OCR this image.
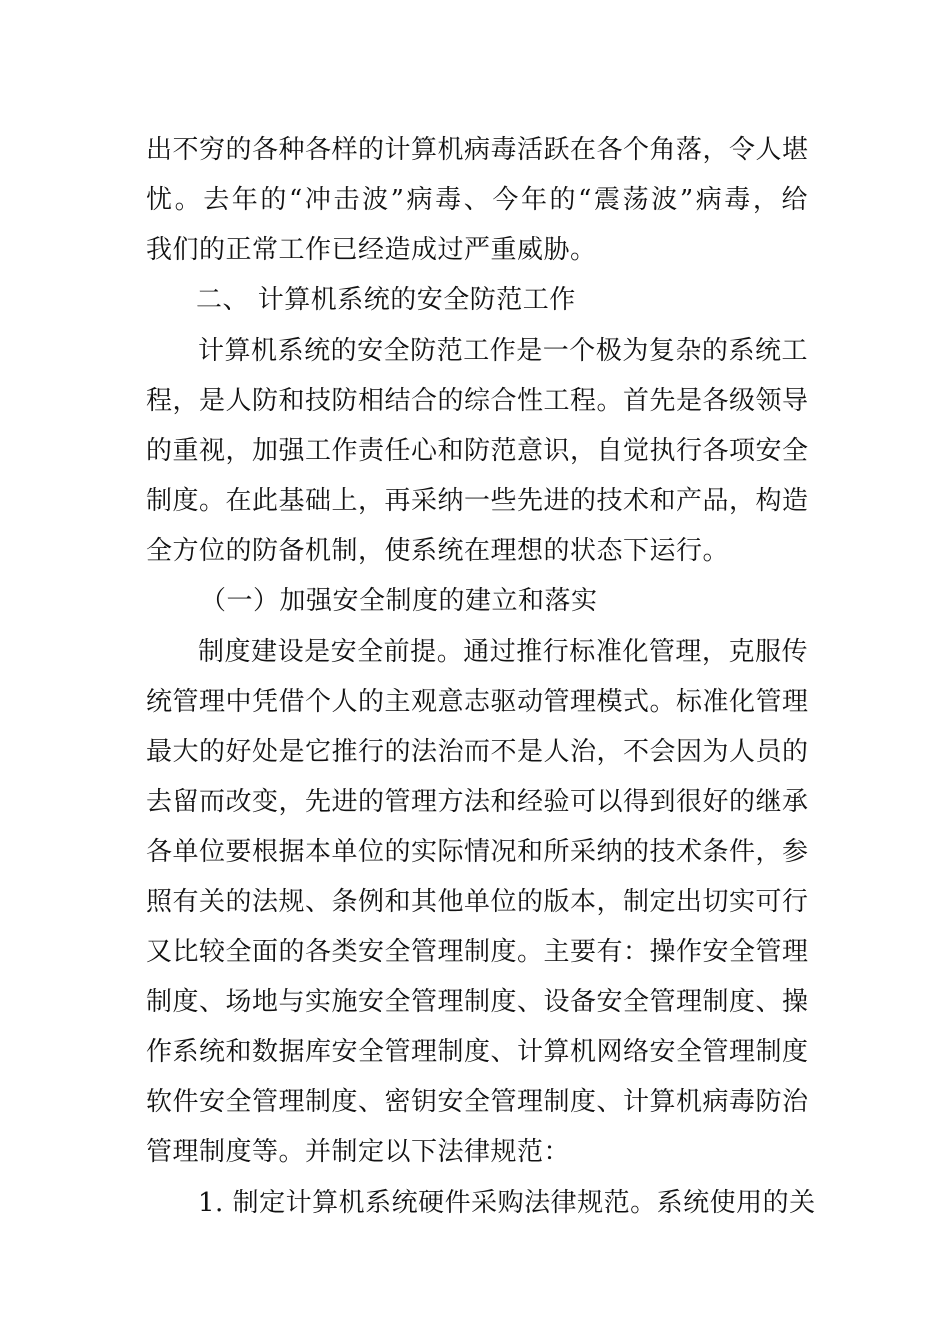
出不穷的各种各样的计算机病毒活跃在各个角落，令人堪
忧。去年的“冲击波”病毒、今年的“震荡波”病毒，给
我们的正常工作已经造成过严重威胁。
二、 计算机系统的安全防范工作
计算机系统的安全防范工作是一个极为复杂的系统工
程，是人防和技防相结合的综合性工程。首先是各级领导
的重视，加强工作责任心和防范意识，自觉执行各项安全
制度。在此基础上，再采纳一些先进的技术和产品，构造
全方位的防备机制，使系统在理想的状态下运行。
（一）加强安全制度的建立和落实
制度建设是安全前提。通过推行标准化管理，克服传
统管理中凭借个人的主观意志驱动管理模式。标准化管理
最大的好处是它推行的法治而不是人治，不会因为人员的
去留而改变，先进的管理方法和经验可以得到很好的继承
各单位要根据本单位的实际情况和所采纳的技术条件，参
照有关的法规、条例和其他单位的版本，制定出切实可行
又比较全面的各类安全管理制度。主要有：操作安全管理
制度、场地与实施安全管理制度、设备安全管理制度、操
作系统和数据库安全管理制度、计算机网络安全管理制度
软件安全管理制度、密钥安全管理制度、计算机病毒防治
管理制度等。并制定以下法律规范：
1. 制定计算机系统硬件采购法律规范。系统使用的关
